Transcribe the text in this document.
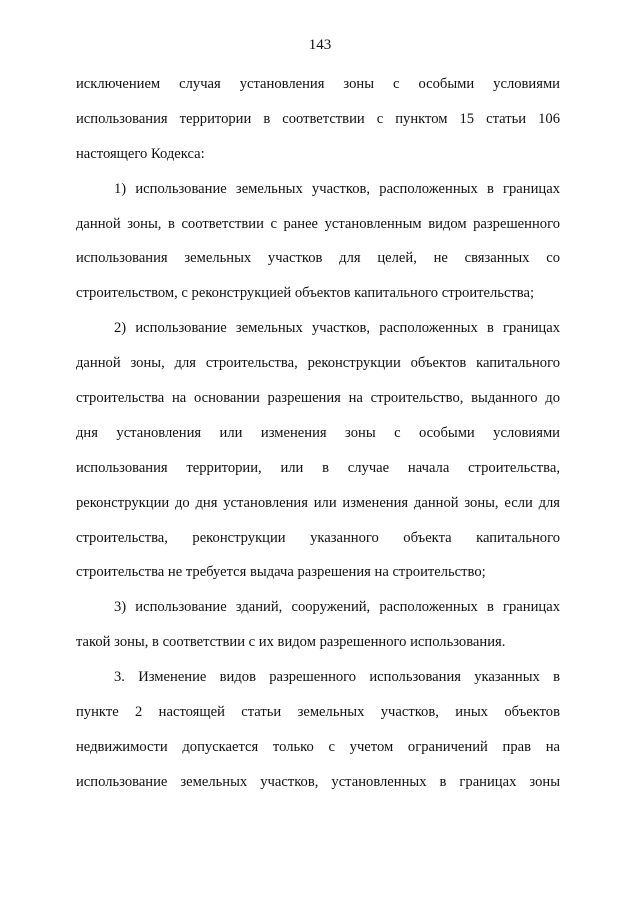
143
исключением случая установления зоны с особыми условиями
использования территории в соответствии с пунктом 15 статьи 106
настоящего Кодекса:
1) использование земельных участков, расположенных в границах
данной зоны, в соответствии с ранее установленным видом разрешенного
использования земельных участков для целей, не связанных со
строительством, с реконструкцией объектов капитального строительства;
2) использование земельных участков, расположенных в границах
данной зоны, для строительства, реконструкции объектов капитального
строительства на основании разрешения на строительство, выданного до
дня установления или изменения зоны с особыми условиями
использования территории, или в случае начала строительства,
реконструкции до дня установления или изменения данной зоны, если для
строительства, реконструкции указанного объекта капитального
строительства не требуется выдача разрешения на строительство;
3) использование зданий, сооружений, расположенных в границах
такой зоны, в соответствии с их видом разрешенного использования.
3. Изменение видов разрешенного использования указанных в
пункте 2 настоящей статьи земельных участков, иных объектов
недвижимости допускается только с учетом ограничений прав на
использование земельных участков, установленных в границах зоны
